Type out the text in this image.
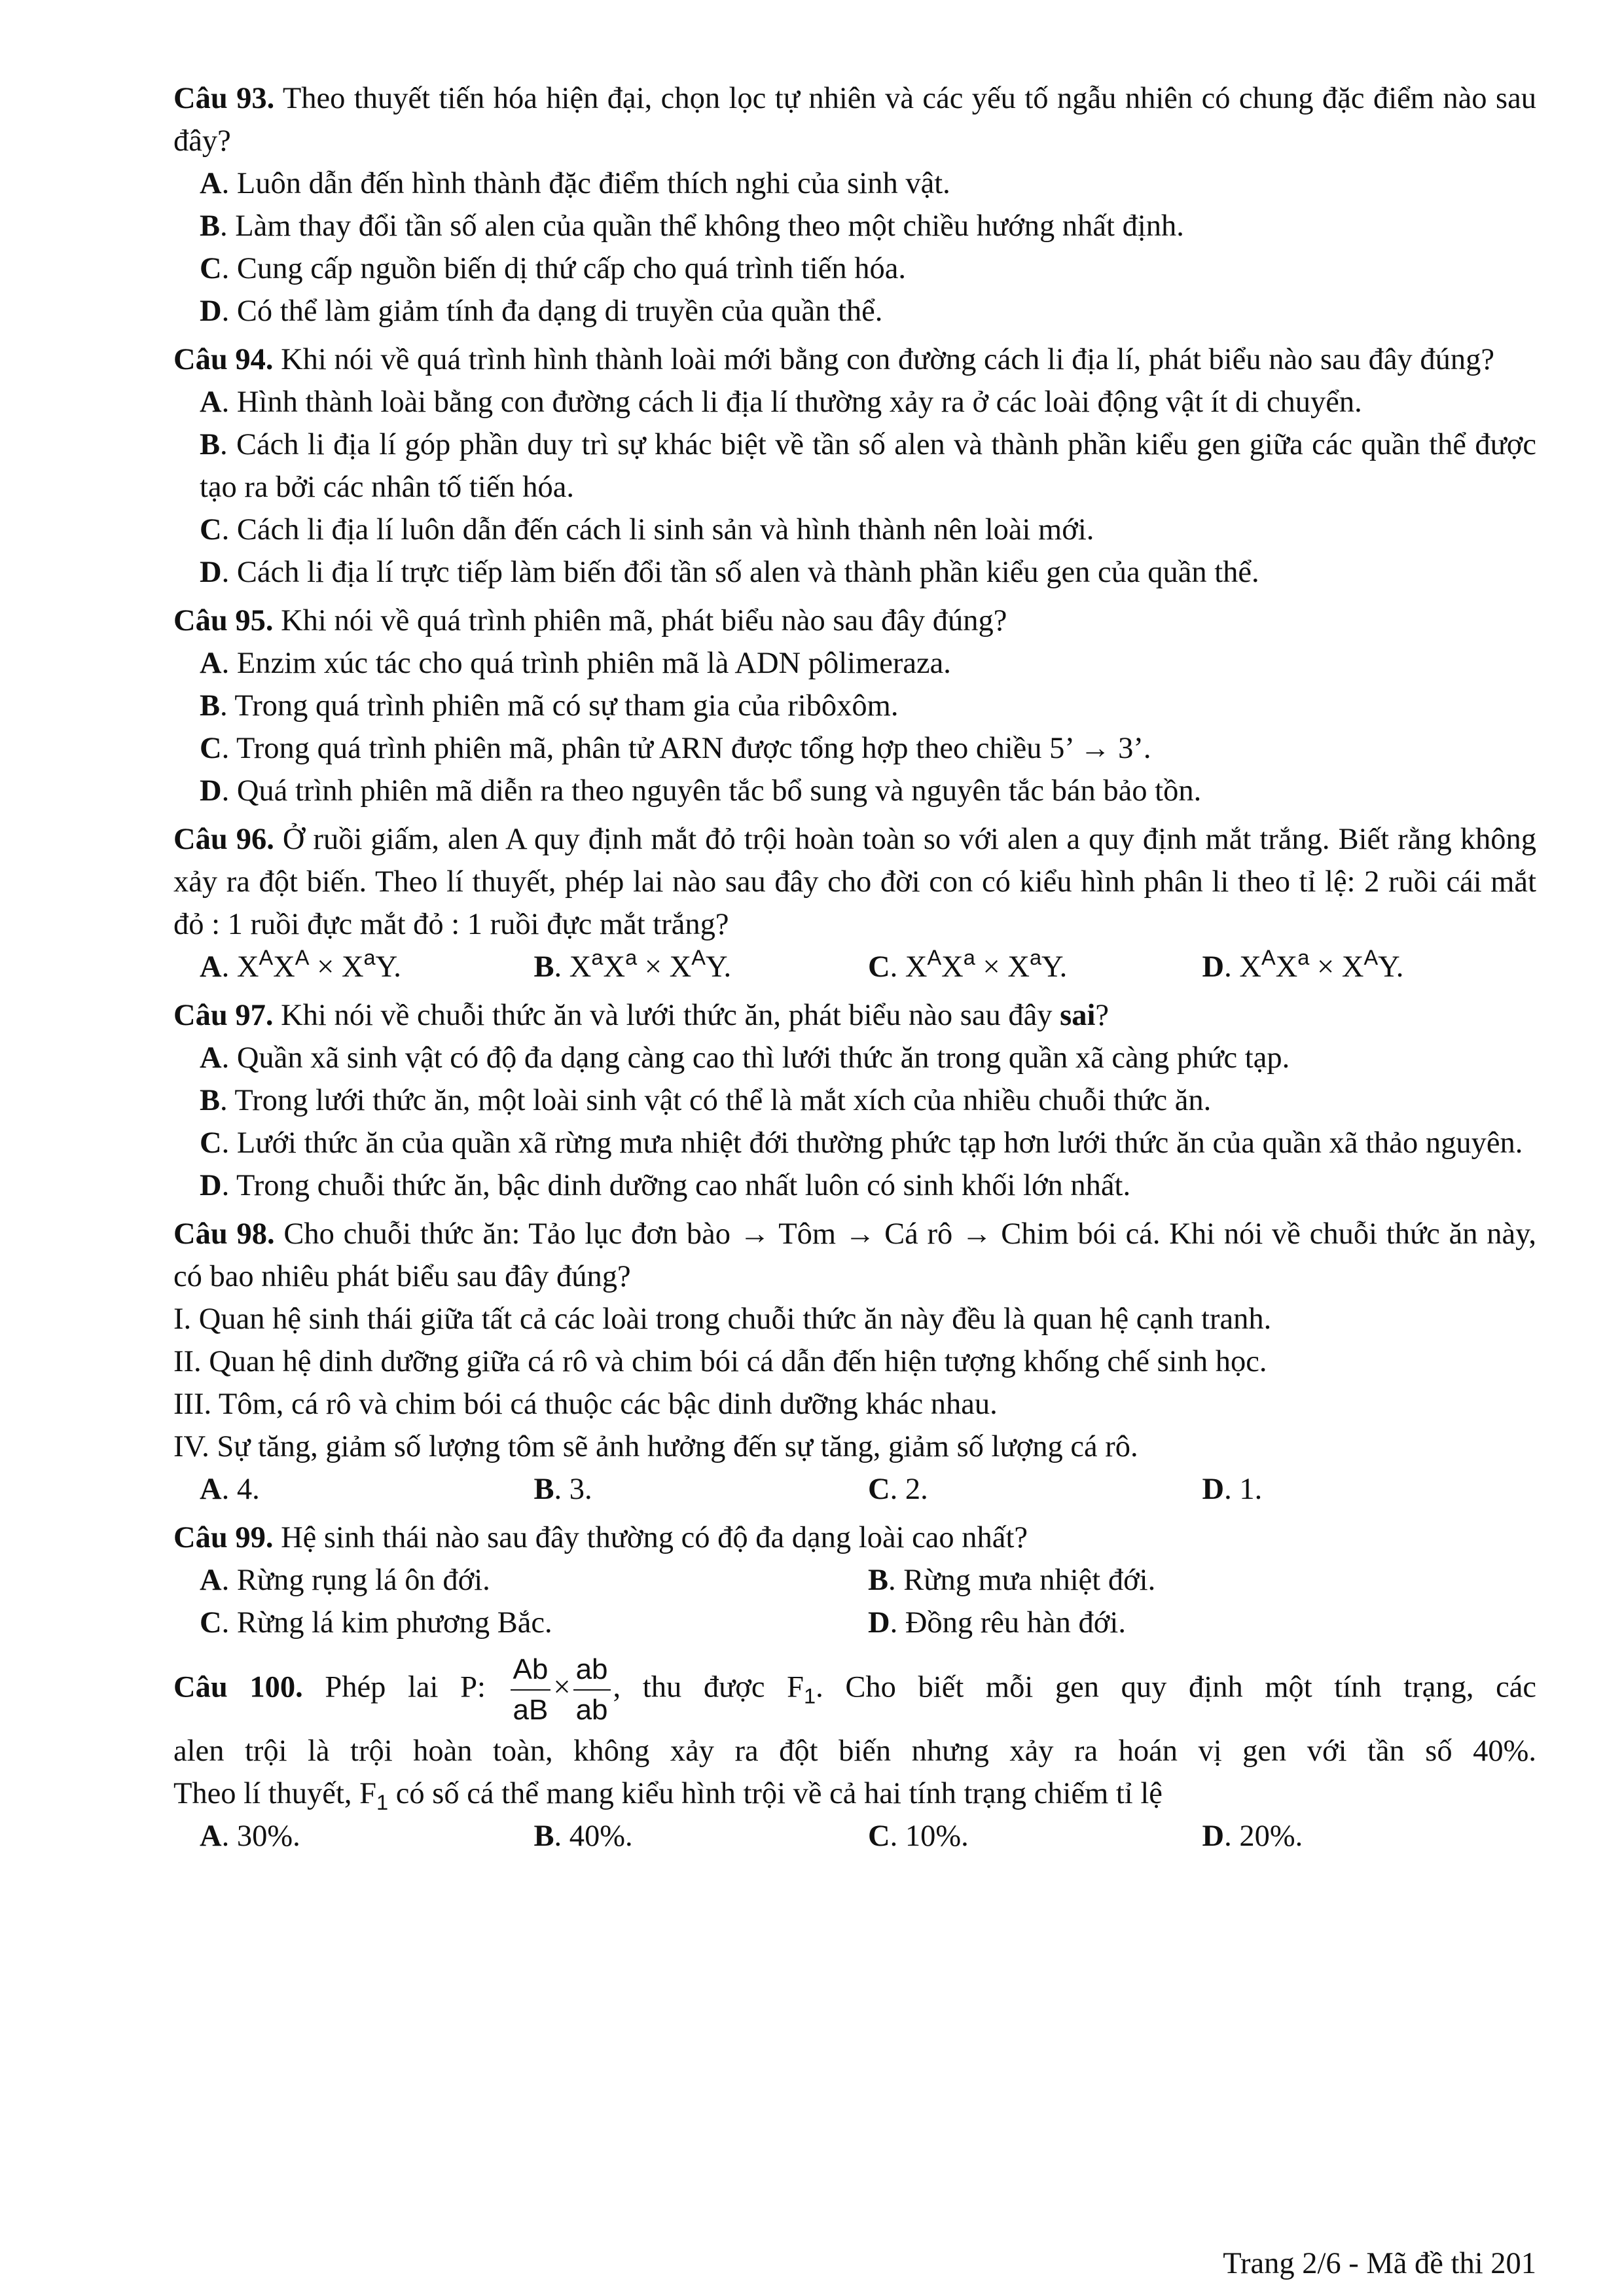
Câu 93. Theo thuyết tiến hóa hiện đại, chọn lọc tự nhiên và các yếu tố ngẫu nhiên có chung đặc điểm nào sau đây?

A. Luôn dẫn đến hình thành đặc điểm thích nghi của sinh vật.

B. Làm thay đổi tần số alen của quần thể không theo một chiều hướng nhất định.

C. Cung cấp nguồn biến dị thứ cấp cho quá trình tiến hóa.

D. Có thể làm giảm tính đa dạng di truyền của quần thể.

Câu 94. Khi nói về quá trình hình thành loài mới bằng con đường cách li địa lí, phát biểu nào sau đây đúng?

A. Hình thành loài bằng con đường cách li địa lí thường xảy ra ở các loài động vật ít di chuyển.

B. Cách li địa lí góp phần duy trì sự khác biệt về tần số alen và thành phần kiểu gen giữa các quần thể được tạo ra bởi các nhân tố tiến hóa.

C. Cách li địa lí luôn dẫn đến cách li sinh sản và hình thành nên loài mới.

D. Cách li địa lí trực tiếp làm biến đổi tần số alen và thành phần kiểu gen của quần thể.

Câu 95. Khi nói về quá trình phiên mã, phát biểu nào sau đây đúng?

A. Enzim xúc tác cho quá trình phiên mã là ADN pôlimeraza.

B. Trong quá trình phiên mã có sự tham gia của ribôxôm.

C. Trong quá trình phiên mã, phân tử ARN được tổng hợp theo chiều 5’ → 3’.

D. Quá trình phiên mã diễn ra theo nguyên tắc bổ sung và nguyên tắc bán bảo tồn.

Câu 96. Ở ruồi giấm, alen A quy định mắt đỏ trội hoàn toàn so với alen a quy định mắt trắng. Biết rằng không xảy ra đột biến. Theo lí thuyết, phép lai nào sau đây cho đời con có kiểu hình phân li theo tỉ lệ: 2 ruồi cái mắt đỏ : 1 ruồi đực mắt đỏ : 1 ruồi đực mắt trắng?

A. $X^AX^A \times X^aY$.	B. $X^aX^a \times X^AY$.	C. $X^AX^a \times X^aY$.	D. $X^AX^a \times X^AY$.

Câu 97. Khi nói về chuỗi thức ăn và lưới thức ăn, phát biểu nào sau đây sai?

A. Quần xã sinh vật có độ đa dạng càng cao thì lưới thức ăn trong quần xã càng phức tạp.

B. Trong lưới thức ăn, một loài sinh vật có thể là mắt xích của nhiều chuỗi thức ăn.

C. Lưới thức ăn của quần xã rừng mưa nhiệt đới thường phức tạp hơn lưới thức ăn của quần xã thảo nguyên.

D. Trong chuỗi thức ăn, bậc dinh dưỡng cao nhất luôn có sinh khối lớn nhất.

Câu 98. Cho chuỗi thức ăn: Tảo lục đơn bào → Tôm → Cá rô → Chim bói cá. Khi nói về chuỗi thức ăn này, có bao nhiêu phát biểu sau đây đúng?

I. Quan hệ sinh thái giữa tất cả các loài trong chuỗi thức ăn này đều là quan hệ cạnh tranh.

II. Quan hệ dinh dưỡng giữa cá rô và chim bói cá dẫn đến hiện tượng khống chế sinh học.

III. Tôm, cá rô và chim bói cá thuộc các bậc dinh dưỡng khác nhau.

IV. Sự tăng, giảm số lượng tôm sẽ ảnh hưởng đến sự tăng, giảm số lượng cá rô.

A. 4.	B. 3.	C. 2.	D. 1.

Câu 99. Hệ sinh thái nào sau đây thường có độ đa dạng loài cao nhất?

A. Rừng rụng lá ôn đới.	B. Rừng mưa nhiệt đới.
C. Rừng lá kim phương Bắc.	D. Đồng rêu hàn đới.

Câu 100. Phép lai P: $\frac{Ab}{aB} \times \frac{ab}{ab}$ , thu được $F_1$. Cho biết mỗi gen quy định một tính trạng, các

alen trội là trội hoàn toàn, không xảy ra đột biến nhưng xảy ra hoán vị gen với tần số 40%.

Theo lí thuyết, $F_1$ có số cá thể mang kiểu hình trội về cả hai tính trạng chiếm tỉ lệ

A. 30%.	B. 40%.	C. 10%.	D. 20%.
Trang 2/6 - Mã đề thi 201
